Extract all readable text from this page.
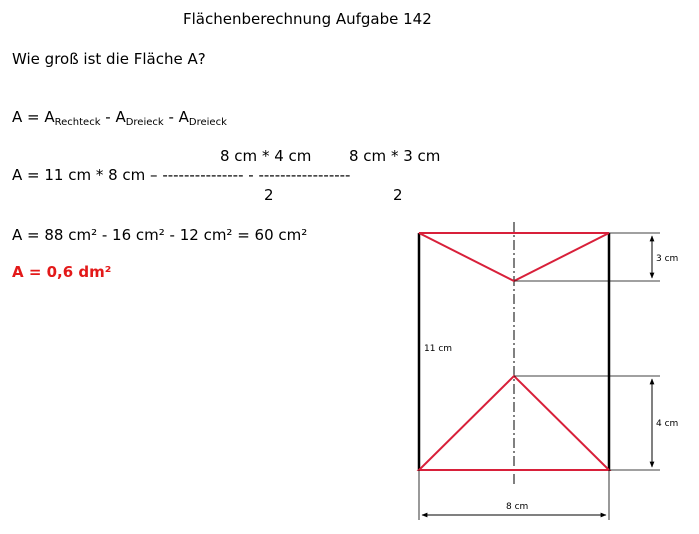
Flächenberechnung Aufgabe 142
Wie groß ist die Fläche A?
$A = A_{Rechteck} - A_{Dreieck} - A_{Dreieck}$
8 cm * 4 cm	8 cm * 3 cm
A = 11 cm * 8 cm – --------------- - -----------------
2	2
A = 88 cm² - 16 cm² - 12 cm² = 60 cm²
A = 0,6 dm²
11 cm
3 cm
4 cm
8 cm
